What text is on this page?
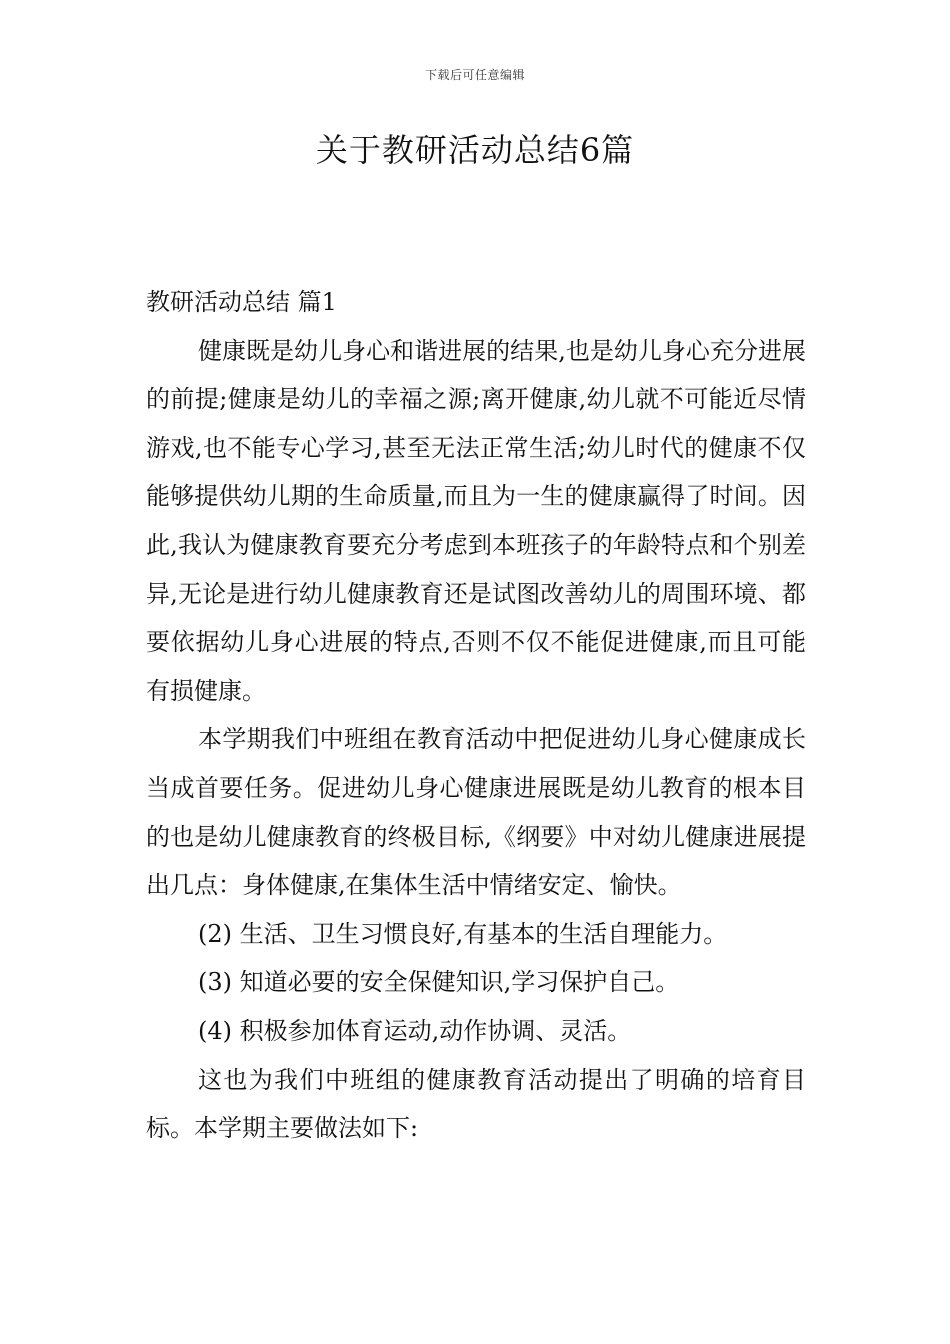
下载后可任意编辑
关于教研活动总结6篇
教研活动总结 篇1

健康既是幼儿身心和谐进展的结果,也是幼儿身心充分进展的前提;健康是幼儿的幸福之源;离开健康,幼儿就不可能近尽情游戏,也不能专心学习,甚至无法正常生活;幼儿时代的健康不仅能够提供幼儿期的生命质量,而且为一生的健康赢得了时间。因此,我认为健康教育要充分考虑到本班孩子的年龄特点和个别差异,无论是进行幼儿健康教育还是试图改善幼儿的周围环境、都要依据幼儿身心进展的特点,否则不仅不能促进健康,而且可能有损健康。

本学期我们中班组在教育活动中把促进幼儿身心健康成长当成首要任务。促进幼儿身心健康进展既是幼儿教育的根本目的也是幼儿健康教育的终极目标,《纲要》中对幼儿健康进展提出几点：身体健康,在集体生活中情绪安定、愉快。

(2) 生活、卫生习惯良好,有基本的生活自理能力。

(3) 知道必要的安全保健知识,学习保护自己。

(4) 积极参加体育运动,动作协调、灵活。

这也为我们中班组的健康教育活动提出了明确的培育目标。本学期主要做法如下:
